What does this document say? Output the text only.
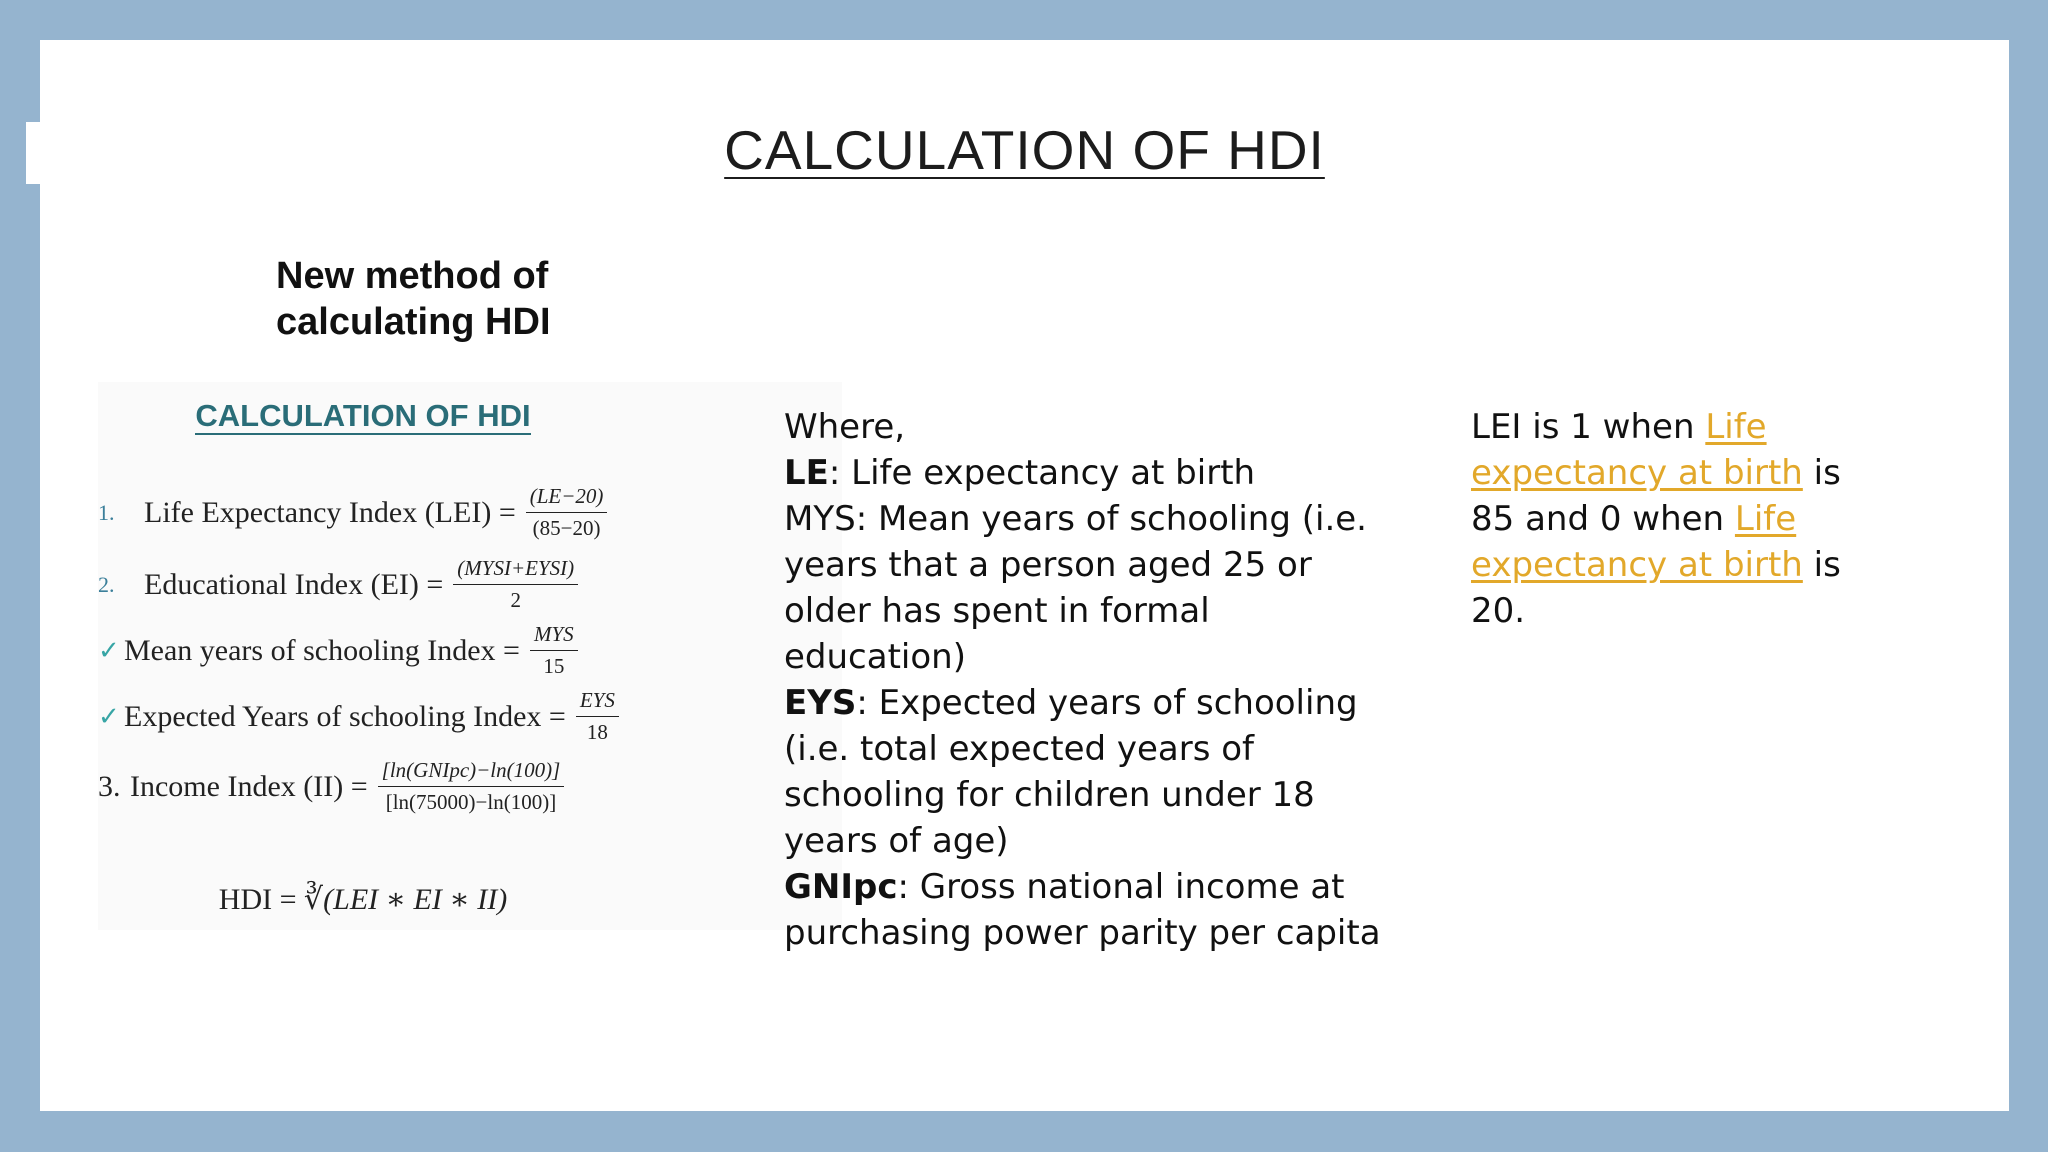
CALCULATION OF HDI
New method of calculating HDI
CALCULATION OF HDI
1. Life Expectancy Index $(LEI) = \frac{(LE-20)}{(85-20)}$
2. Educational Index $(EI) = \frac{\text{(MYSI+EYSI)}}{2}$
✓ Mean years of schooling Index = $\frac{\text{MYS}}{15}$
✓ Expected Years of schooling Index = $\frac{\text{EYS}}{18}$
3. Income Index $(II) = \frac{\text{[ln(GNIpc)−ln(100)]}}{[\ln(75000)-\ln(100)]}$
HDI = ∛(LEI ∗ EI ∗ II)
Where,
LE: Life expectancy at birth
MYS: Mean years of schooling (i.e. years that a person aged 25 or older has spent in formal education)
EYS: Expected years of schooling (i.e. total expected years of schooling for children under 18 years of age)
GNIpc: Gross national income at purchasing power parity per capita
LEI is 1 when Life expectancy at birth is 85 and 0 when Life expectancy at birth is 20.
